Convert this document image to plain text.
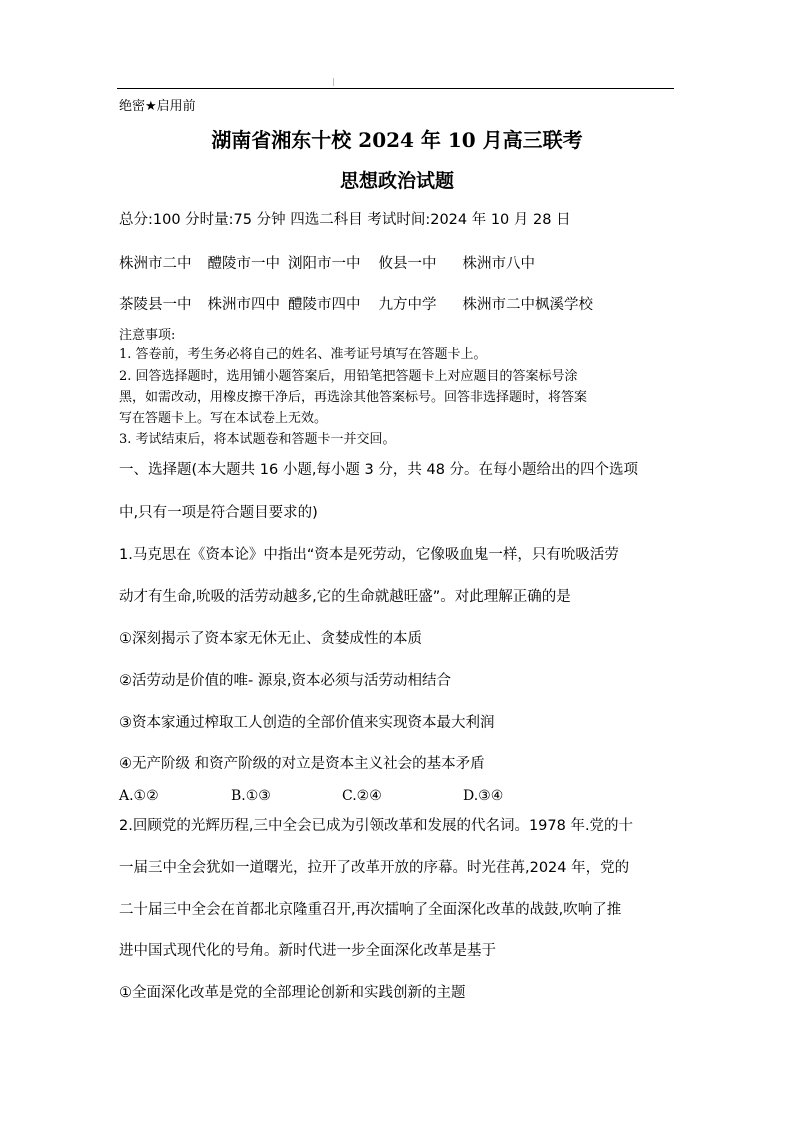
绝密★启用前
湖南省湘东十校 2024 年 10 月高三联考
思想政治试题
总分:100 分时量:75 分钟 四选二科目 考试时间:2024 年 10 月 28 日
株洲市二中 醴陵市一中 浏阳市一中 攸县一中 株洲市八中
茶陵县一中 株洲市四中 醴陵市四中 九方中学 株洲市二中枫溪学校
注意事项:
1. 答卷前，考生务必将自己的姓名、准考证号填写在答题卡上。
2. 回答选择题时，选用铺小题答案后，用铅笔把答题卡上对应题目的答案标号涂
黑，如需改动，用橡皮擦干净后，再选涂其他答案标号。回答非选择题时，将答案
写在答题卡上。写在本试卷上无效。
3. 考试结束后，将本试题卷和答题卡一并交回。
一、选择题(本大题共 16 小题,每小题 3 分，共 48 分。在每小题给出的四个选项
中,只有一项是符合题目要求的)
1.马克思在《资本论》中指出“资本是死劳动，它像吸血鬼一样，只有吮吸活劳
动才有生命,吮吸的活劳动越多,它的生命就越旺盛”。对此理解正确的是
①深刻揭示了资本家无休无止、贪婪成性的本质
②活劳动是价值的唯- 源泉,资本必须与活劳动相结合
③资本家通过榨取工人创造的全部价值来实现资本最大利润
④无产阶级 和资产阶级的对立是资本主义社会的基本矛盾
A.①②	B.①③	C.②④	D.③④
2.回顾党的光辉历程,三中全会已成为引领改革和发展的代名词。1978 年.党的十
一届三中全会犹如一道曙光，拉开了改革开放的序幕。时光荏苒,2024 年，党的
二十届三中全会在首都北京隆重召开,再次擂响了全面深化改革的战鼓,吹响了推
进中国式现代化的号角。新时代进一步全面深化改革是基于
①全面深化改革是党的全部理论创新和实践创新的主题
